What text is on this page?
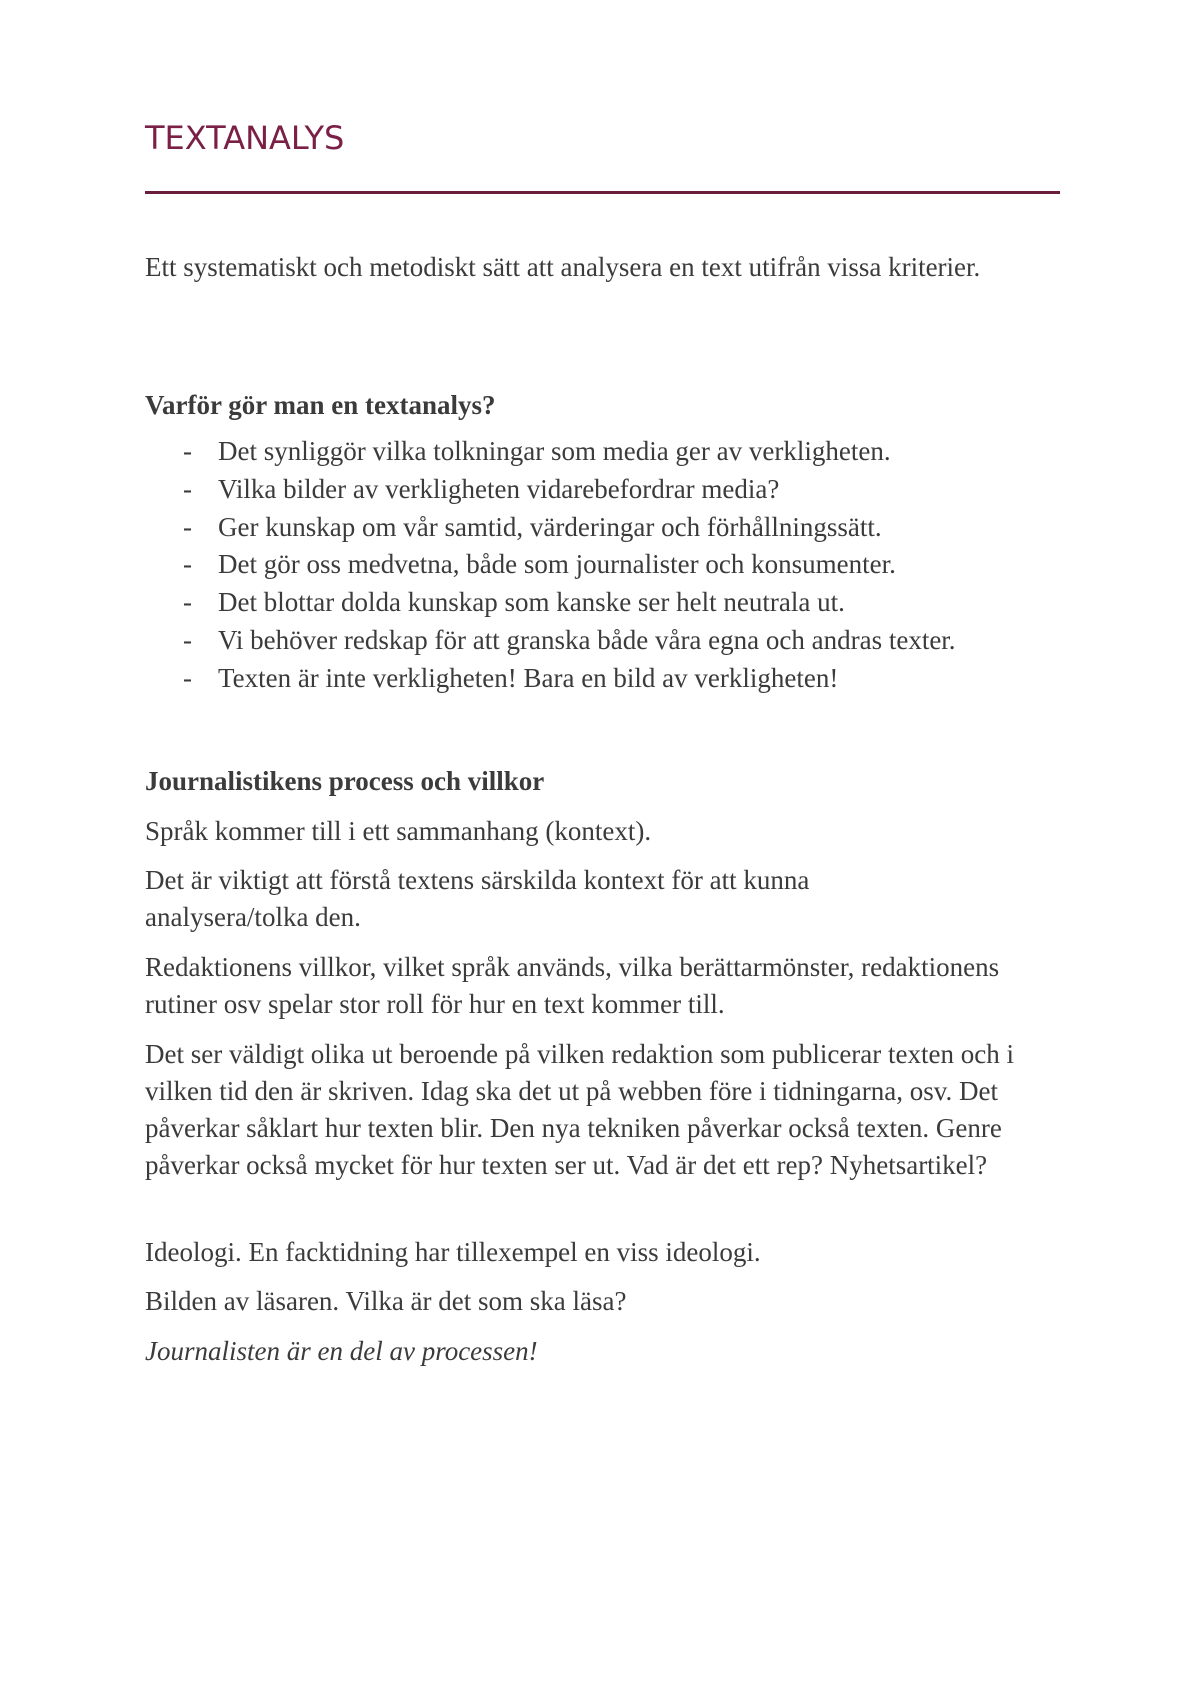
TEXTANALYS

Ett systematiskt och metodiskt sätt att analysera en text utifrån vissa kriterier.

Varför gör man en textanalys?
- Det synliggör vilka tolkningar som media ger av verkligheten.
- Vilka bilder av verkligheten vidarebefordrar media?
- Ger kunskap om vår samtid, värderingar och förhållningssätt.
- Det gör oss medvetna, både som journalister och konsumenter.
- Det blottar dolda kunskap som kanske ser helt neutrala ut.
- Vi behöver redskap för att granska både våra egna och andras texter.
- Texten är inte verkligheten! Bara en bild av verkligheten!
Journalistikens process och villkor

Språk kommer till i ett sammanhang (kontext).

Det är viktigt att förstå textens särskilda kontext för att kunna analysera/tolka den.

Redaktionens villkor, vilket språk används, vilka berättarmönster, redaktionens rutiner osv spelar stor roll för hur en text kommer till.

Det ser väldigt olika ut beroende på vilken redaktion som publicerar texten och i vilken tid den är skriven. Idag ska det ut på webben före i tidningarna, osv. Det påverkar såklart hur texten blir. Den nya tekniken påverkar också texten. Genre påverkar också mycket för hur texten ser ut. Vad är det ett rep? Nyhetsartikel?

Ideologi. En facktidning har tillexempel en viss ideologi.

Bilden av läsaren. Vilka är det som ska läsa?

Journalisten är en del av processen!
